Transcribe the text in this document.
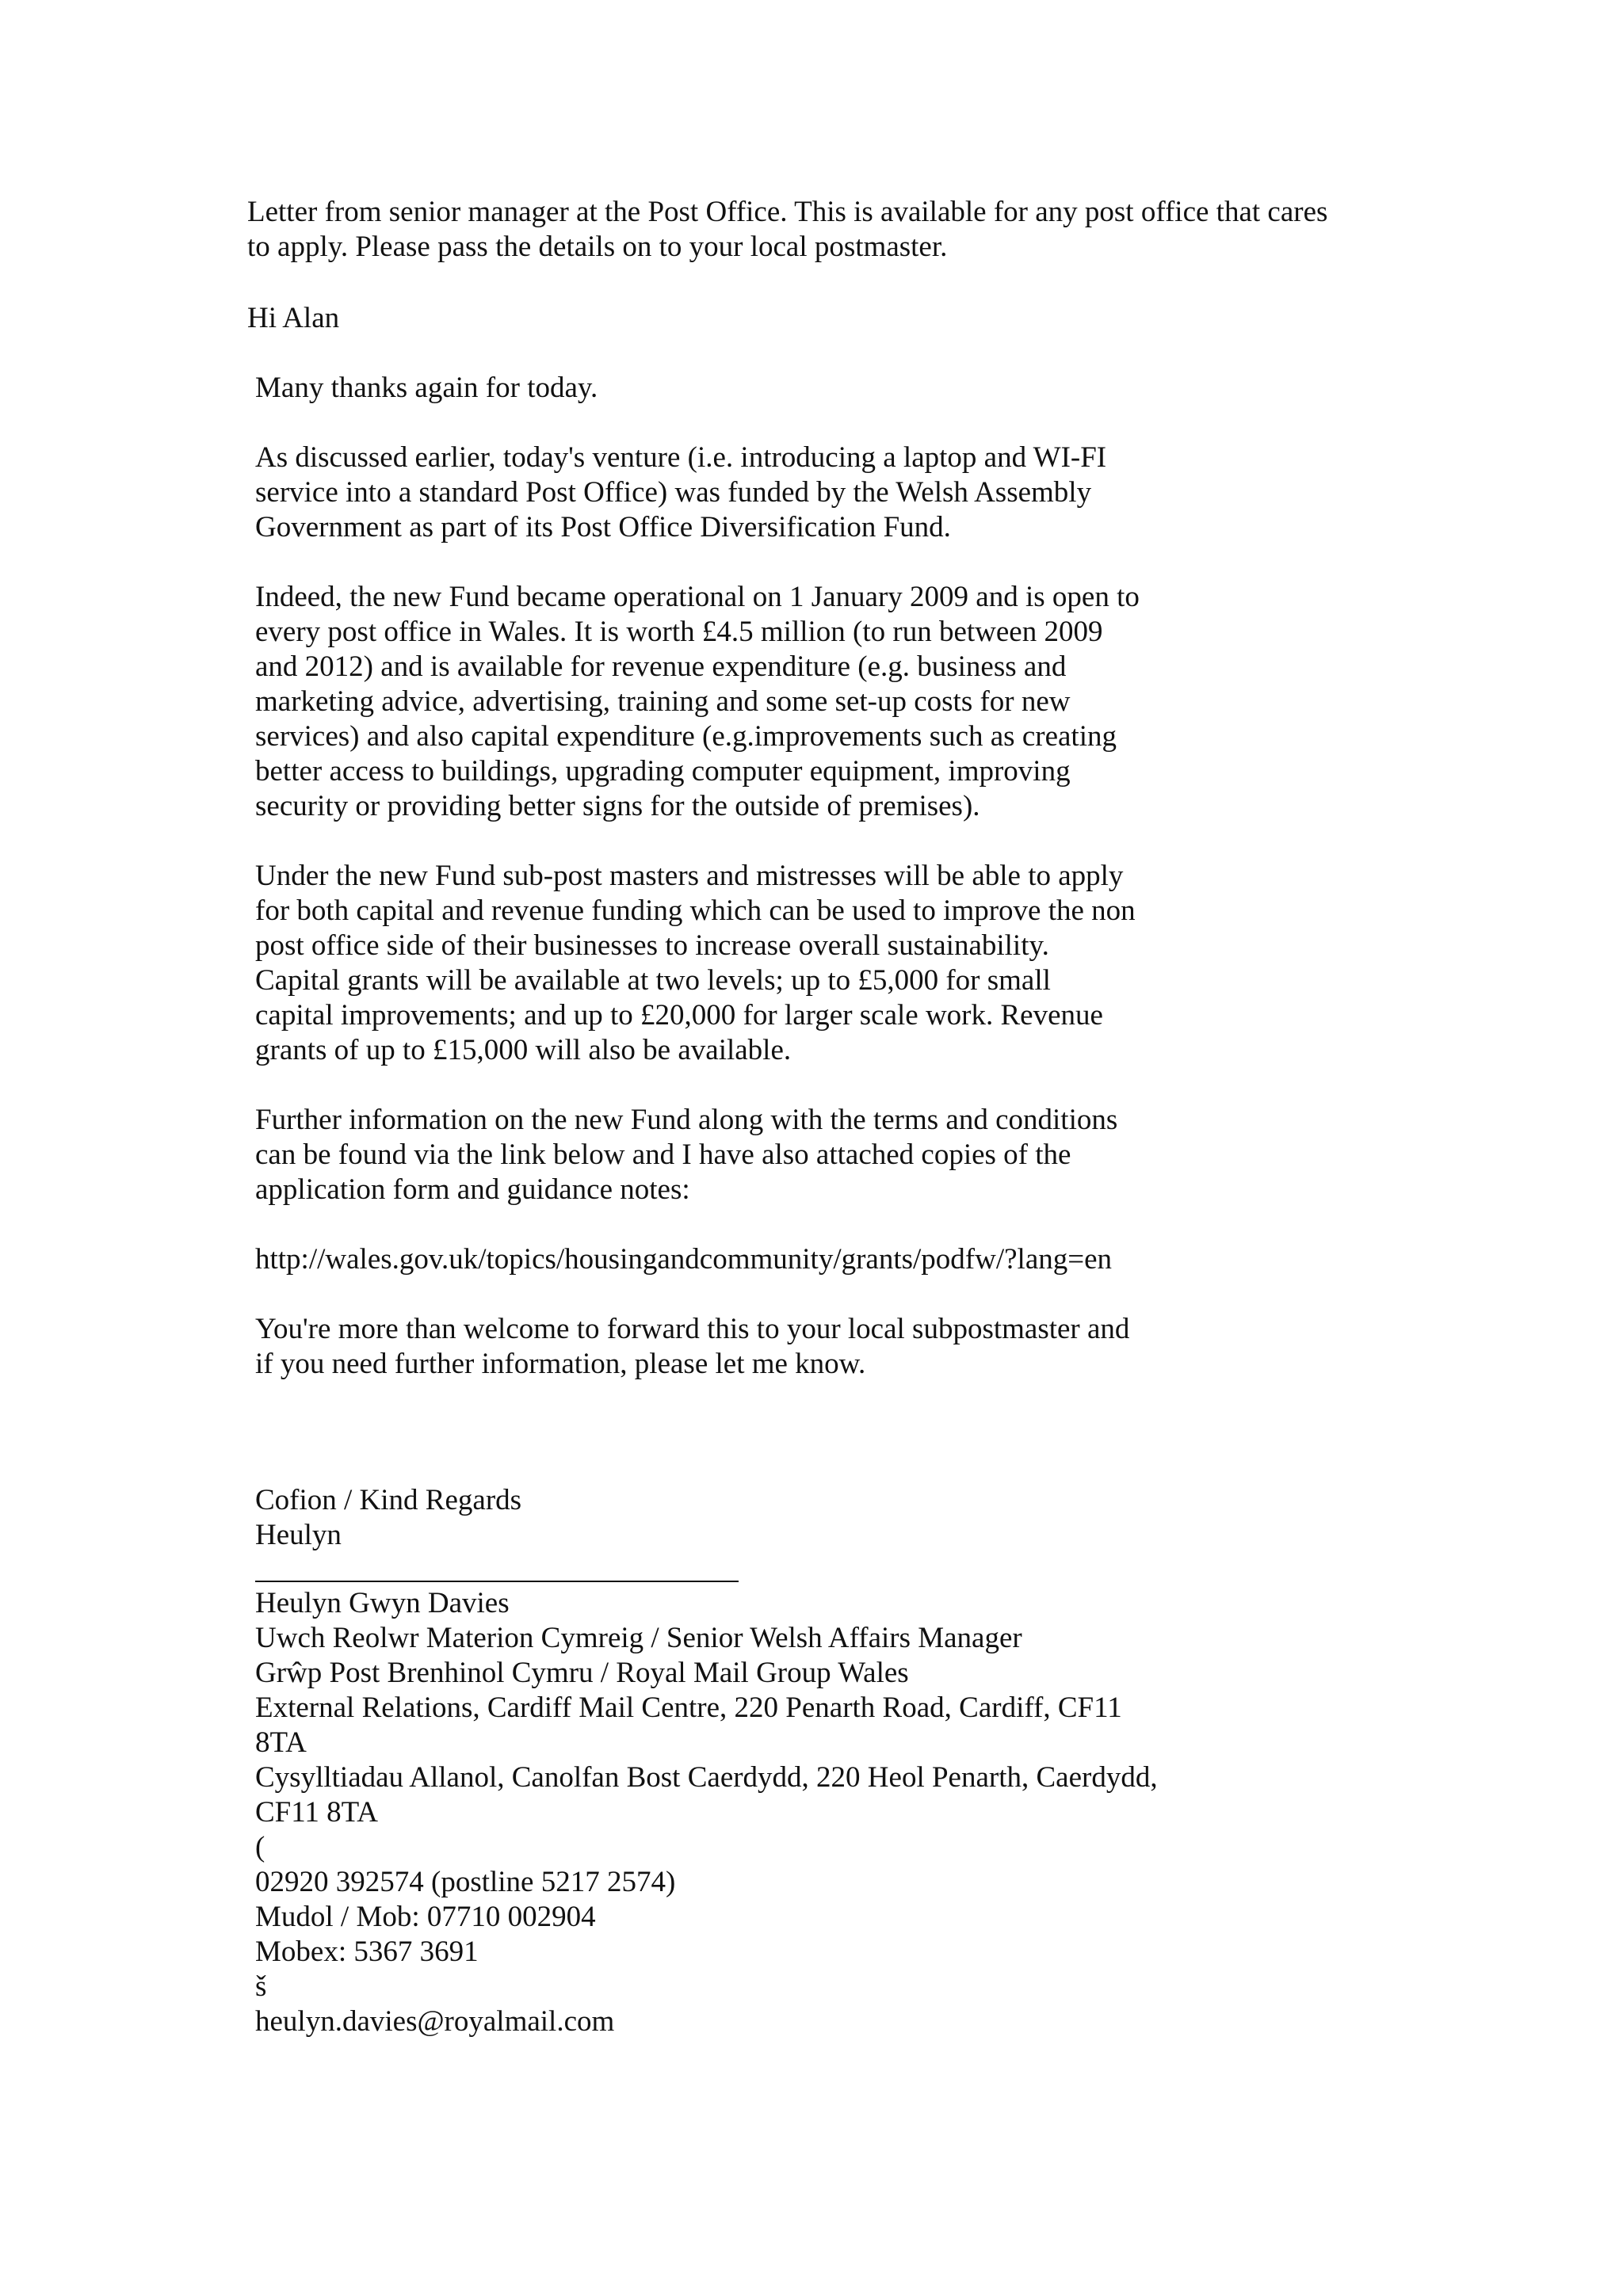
Letter from senior manager at the Post Office. This is available for any post office that cares

to apply. Please pass the details on to your local postmaster.

Hi Alan

Many thanks again for today.

As discussed earlier, today's venture (i.e. introducing a laptop and WI-FI
service into a standard Post Office) was funded by the Welsh Assembly
Government as part of its Post Office Diversification Fund.

Indeed, the new Fund became operational on 1 January 2009 and is open to
every post office in Wales. It is worth £4.5 million (to run between 2009
and 2012) and is available for revenue expenditure (e.g. business and
marketing advice, advertising, training and some set-up costs for new
services) and also capital expenditure (e.g.improvements such as creating
better access to buildings, upgrading computer equipment, improving
security or providing better signs for the outside of premises).

Under the new Fund sub-post masters and mistresses will be able to apply
for both capital and revenue funding which can be used to improve the non
post office side of their businesses to increase overall sustainability.
Capital grants will be available at two levels; up to £5,000 for small
capital improvements; and up to £20,000 for larger scale work. Revenue
grants of up to £15,000 will also be available.

Further information on the new Fund along with the terms and conditions
can be found via the link below and I have also attached copies of the
application form and guidance notes:

http://wales.gov.uk/topics/housingandcommunity/grants/podfw/?lang=en

You're more than welcome to forward this to your local subpostmaster and
if you need further information, please let me know.

Cofion / Kind Regards
Heulyn
Heulyn Gwyn Davies
Uwch Reolwr Materion Cymreig / Senior Welsh Affairs Manager
Grŵp Post Brenhinol Cymru / Royal Mail Group Wales
External Relations, Cardiff Mail Centre, 220 Penarth Road, Cardiff, CF11
8TA
Cysylltiadau Allanol, Canolfan Bost Caerdydd, 220 Heol Penarth, Caerdydd,
CF11 8TA
(
02920 392574 (postline 5217 2574)
Mudol / Mob: 07710 002904
Mobex: 5367 3691
š
heulyn.davies@royalmail.com
